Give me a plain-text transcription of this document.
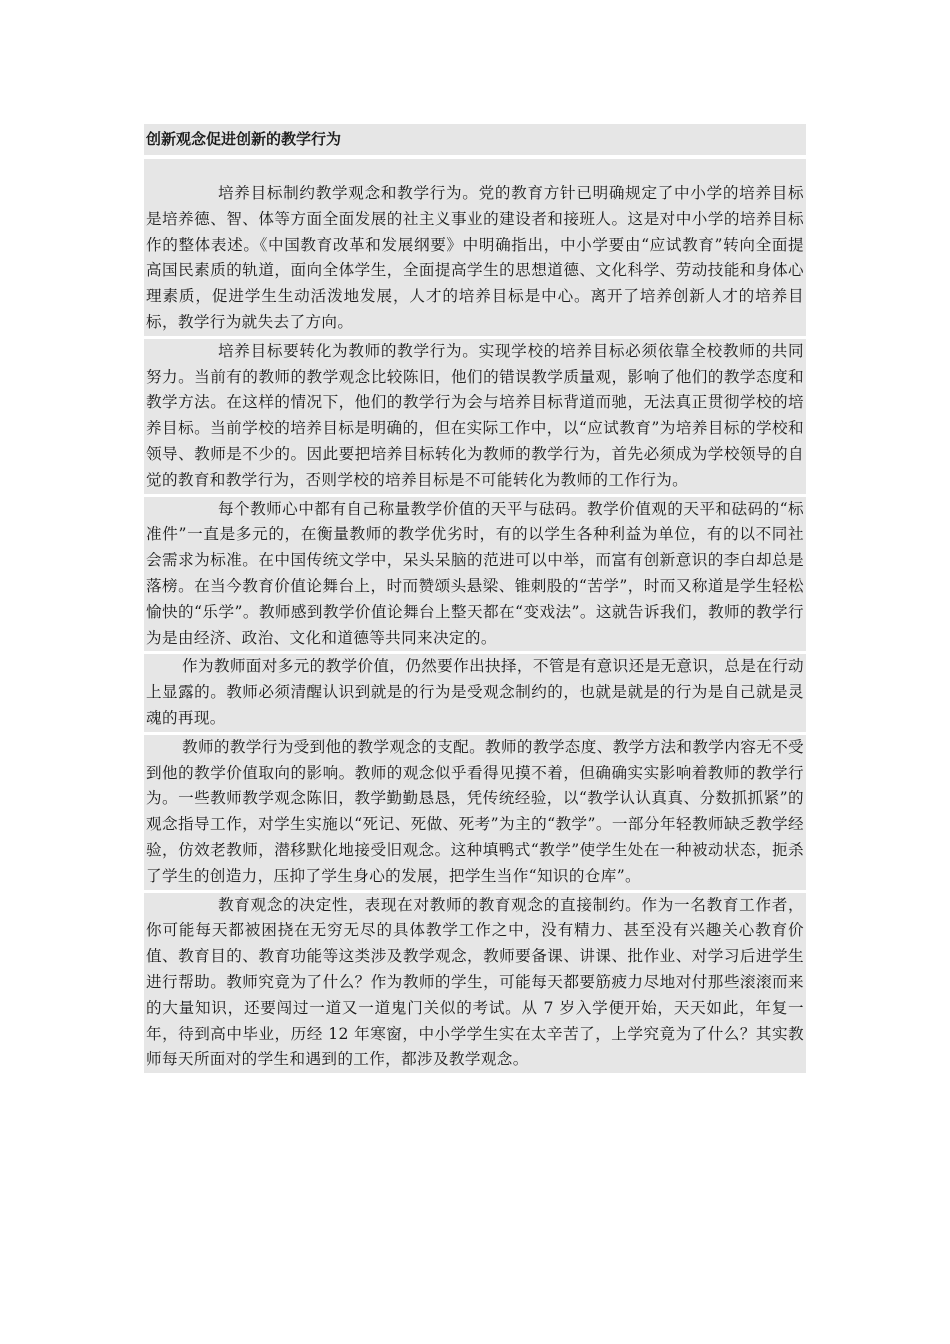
创新观念促进创新的教学行为

培养目标制约教学观念和教学行为。党的教育方针已明确规定了中小学的培养目标是培养德、智、体等方面全面发展的社主义事业的建设者和接班人。这是对中小学的培养目标作的整体表述。《中国教育改革和发展纲要》中明确指出，中小学要由“应试教育”转向全面提高国民素质的轨道，面向全体学生，全面提高学生的思想道德、文化科学、劳动技能和身体心理素质，促进学生生动活泼地发展，人才的培养目标是中心。离开了培养创新人才的培养目标，教学行为就失去了方向。

培养目标要转化为教师的教学行为。实现学校的培养目标必须依靠全校教师的共同努力。当前有的教师的教学观念比较陈旧，他们的错误教学质量观，影响了他们的教学态度和教学方法。在这样的情况下，他们的教学行为会与培养目标背道而驰，无法真正贯彻学校的培养目标。当前学校的培养目标是明确的，但在实际工作中，以“应试教育”为培养目标的学校和领导、教师是不少的。因此要把培养目标转化为教师的教学行为，首先必须成为学校领导的自觉的教育和教学行为，否则学校的培养目标是不可能转化为教师的工作行为。

每个教师心中都有自己称量教学价值的天平与砝码。教学价值观的天平和砝码的“标准件”一直是多元的，在衡量教师的教学优劣时，有的以学生各种利益为单位，有的以不同社会需求为标准。在中国传统文学中，呆头呆脑的范进可以中举，而富有创新意识的李白却总是落榜。在当今教育价值论舞台上，时而赞颂头悬梁、锥刺股的“苦学”，时而又称道是学生轻松愉快的“乐学”。教师感到教学价值论舞台上整天都在“变戏法”。这就告诉我们，教师的教学行为是由经济、政治、文化和道德等共同来决定的。

作为教师面对多元的教学价值，仍然要作出抉择，不管是有意识还是无意识，总是在行动上显露的。教师必须清醒认识到就是的行为是受观念制约的，也就是就是的行为是自己就是灵魂的再现。

教师的教学行为受到他的教学观念的支配。教师的教学态度、教学方法和教学内容无不受到他的教学价值取向的影响。教师的观念似乎看得见摸不着，但确确实实影响着教师的教学行为。一些教师教学观念陈旧，教学勤勤恳恳，凭传统经验，以“教学认认真真、分数抓抓紧”的观念指导工作，对学生实施以“死记、死做、死考”为主的“教学”。一部分年轻教师缺乏教学经验，仿效老教师，潜移默化地接受旧观念。这种填鸭式“教学”使学生处在一种被动状态，扼杀了学生的创造力，压抑了学生身心的发展，把学生当作“知识的仓库”。

教育观念的决定性，表现在对教师的教育观念的直接制约。作为一名教育工作者，你可能每天都被困挠在无穷无尽的具体教学工作之中，没有精力、甚至没有兴趣关心教育价值、教育目的、教育功能等这类涉及教学观念，教师要备课、讲课、批作业、对学习后进学生进行帮助。教师究竟为了什么？作为教师的学生，可能每天都要筋疲力尽地对付那些滚滚而来的大量知识，还要闯过一道又一道鬼门关似的考试。从 7 岁入学便开始，天天如此，年复一年，待到高中毕业，历经 12 年寒窗，中小学学生实在太辛苦了，上学究竟为了什么？其实教师每天所面对的学生和遇到的工作，都涉及教学观念。
